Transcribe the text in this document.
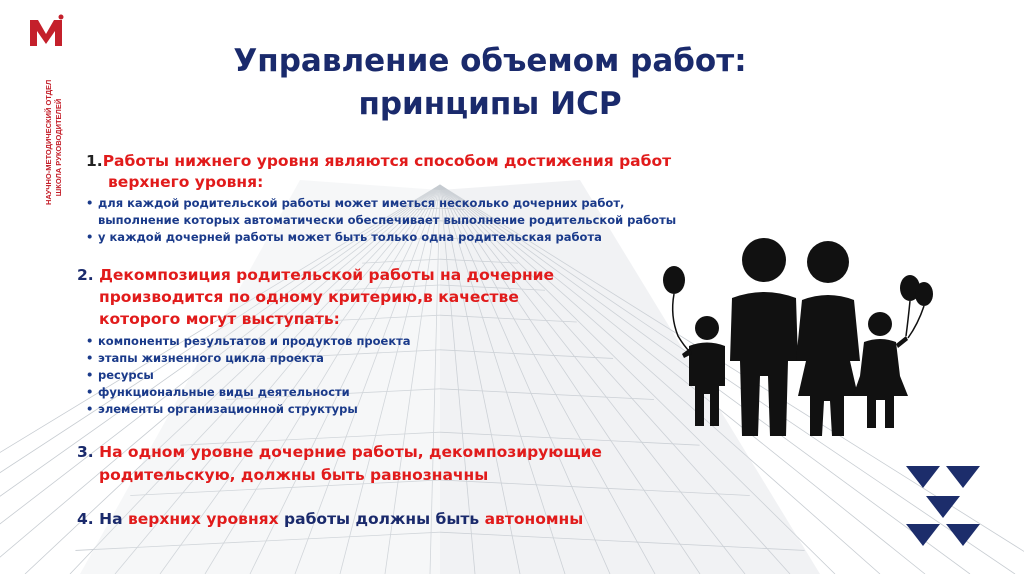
НАУЧНО-МЕТОДИЧЕСКИЙ ОТДЕЛ ШКОЛА РУКОВОДИТЕЛЕЙ
Управление объемом работ:
принципы ИСР
1.Работы нижнего уровня являются способом достижения работ
верхнего уровня:
• для каждой родительской работы может иметься несколько дочерних работ,
выполнение которых автоматически обеспечивает выполнение родительской работы
• у каждой дочерней работы может быть только одна родительская работа
2. Декомпозиция родительской работы на дочерние
производится по одному критерию,в качестве
которого могут выступать:
• компоненты результатов и продуктов проекта
• этапы жизненного цикла проекта
• ресурсы
• функциональные виды деятельности
• элементы организационной структуры
3. На одном уровне дочерние работы, декомпозирующие
родительскую, должны быть равнозначны
4. На верхних уровнях работы должны быть автономны
